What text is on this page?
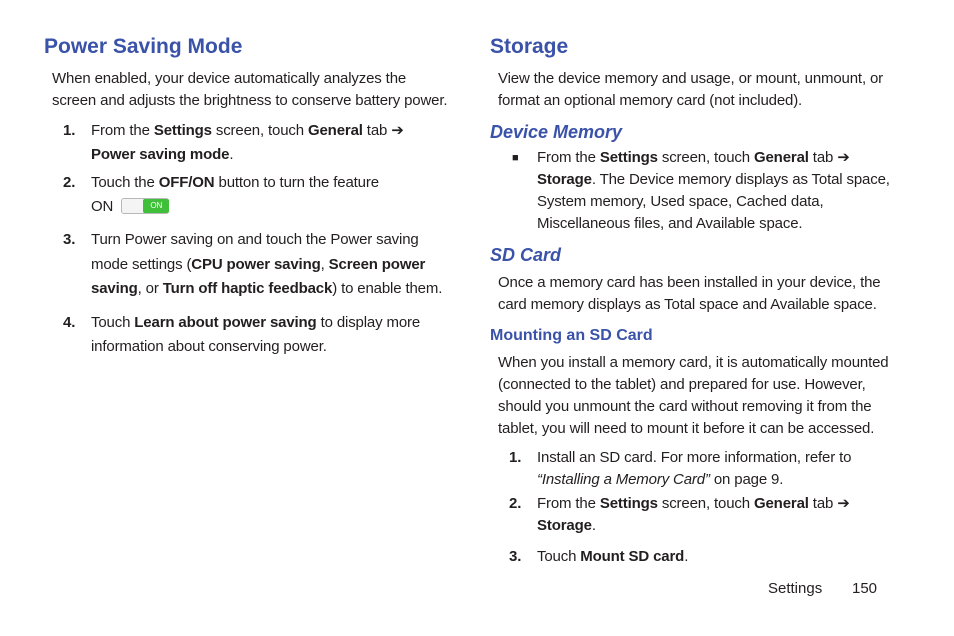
Power Saving Mode

When enabled, your device automatically analyzes the

screen and adjusts the brightness to conserve battery power.

1. From the Settings screen, touch General tab ➔
Power saving mode.
2. Touch the OFF/ON button to turn the feature
ON	ON
3. Turn Power saving on and touch the Power saving
mode settings (CPU power saving, Screen power
saving, or Turn off haptic feedback) to enable them.
4. Touch Learn about power saving to display more
information about conserving power.
Storage

View the device memory and usage, or mount, unmount, or

format an optional memory card (not included).

Device Memory
■ From the Settings screen, touch General tab ➔
Storage. The Device memory displays as Total space,
System memory, Used space, Cached data,
Miscellaneous files, and Available space.
SD Card

Once a memory card has been installed in your device, the

card memory displays as Total space and Available space.

Mounting an SD Card

When you install a memory card, it is automatically mounted

(connected to the tablet) and prepared for use. However,

should you unmount the card without removing it from the

tablet, you will need to mount it before it can be accessed.

1. Install an SD card. For more information, refer to
“Installing a Memory Card” on page 9.
2. From the Settings screen, touch General tab ➔
Storage.
3. Touch Mount SD card.
Settings 150
